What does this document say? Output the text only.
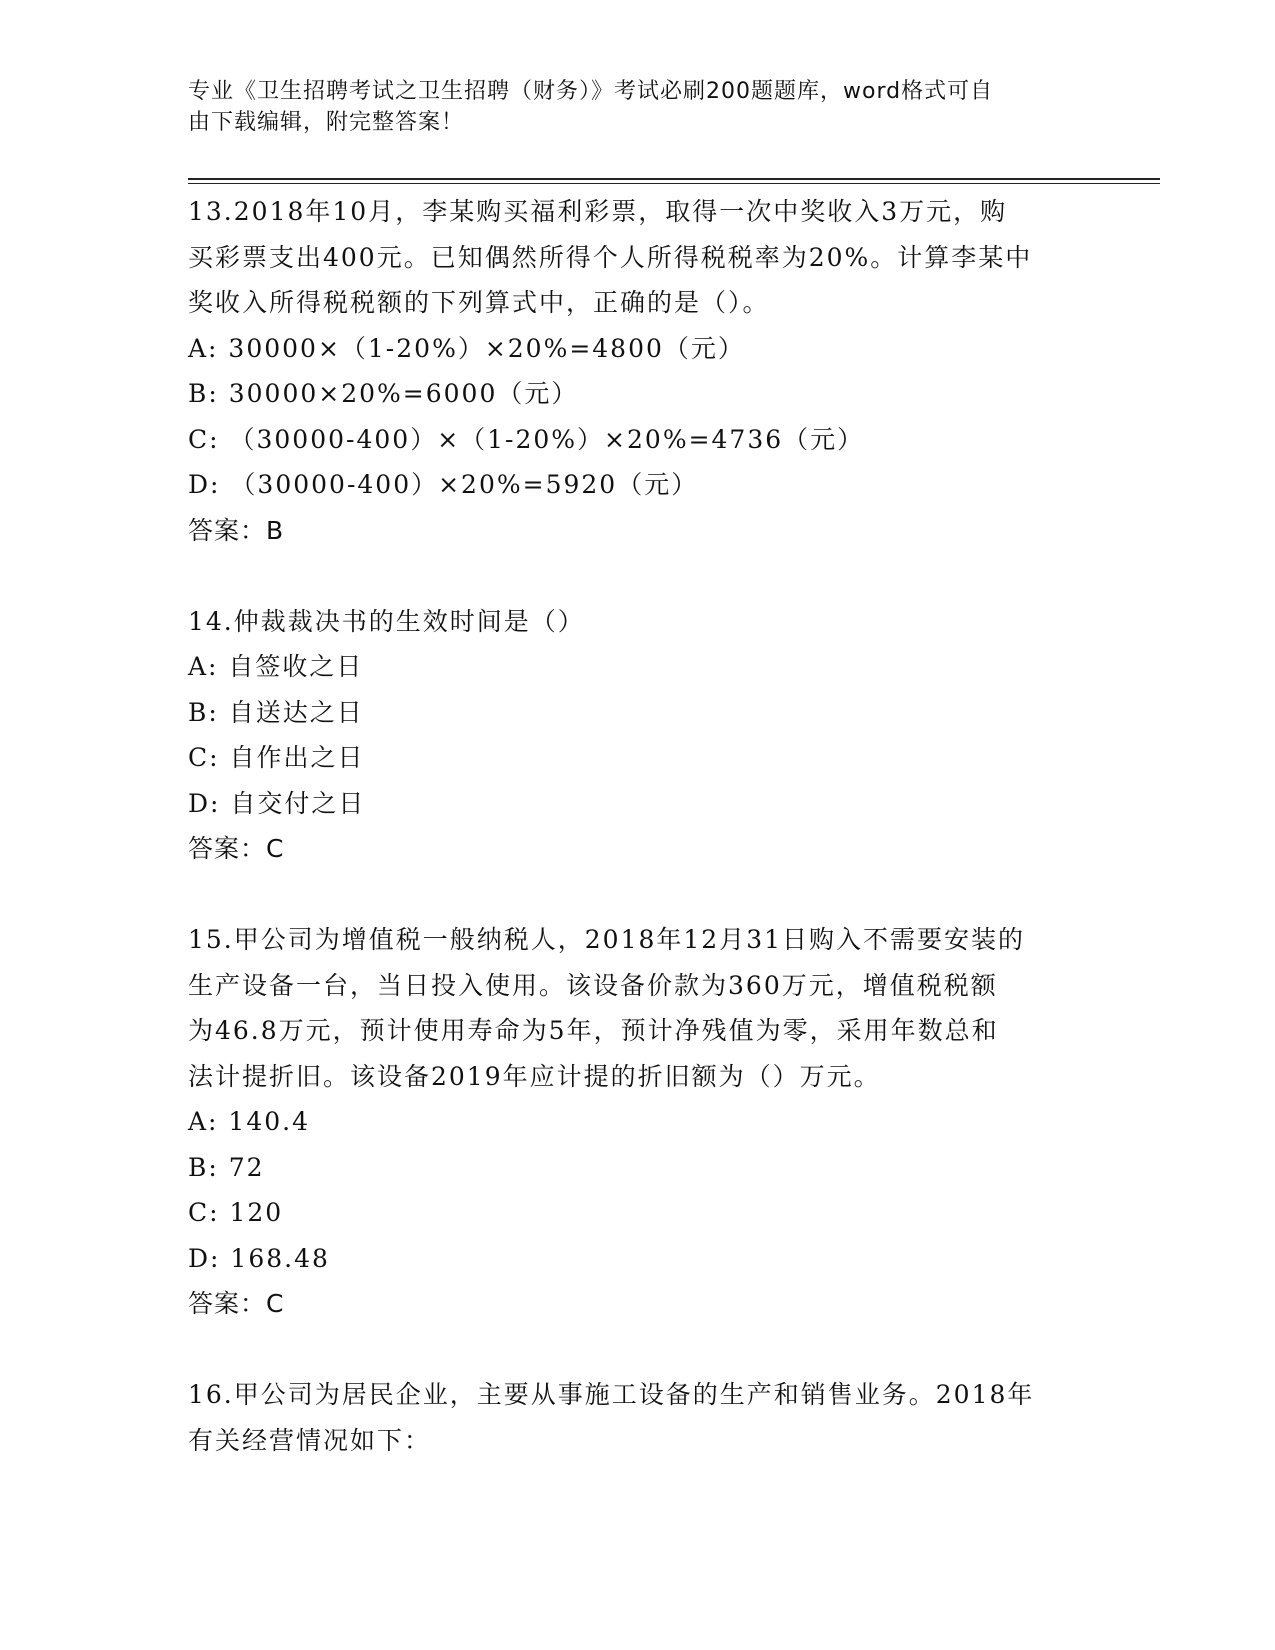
专业《卫生招聘考试之卫生招聘（财务）》考试必刷200题题库，word格式可自
由下载编辑，附完整答案！
13.2018年10月，李某购买福利彩票，取得一次中奖收入3万元，购
买彩票支出400元。已知偶然所得个人所得税税率为20%。计算李某中
奖收入所得税税额的下列算式中，正确的是（）。
A: 30000×（1-20%）×20%=4800（元）
B: 30000×20%=6000（元）
C: （30000-400）×（1-20%）×20%=4736（元）
D: （30000-400）×20%=5920（元）
答案：B
14.仲裁裁决书的生效时间是（）
A: 自签收之日
B: 自送达之日
C: 自作出之日
D: 自交付之日
答案：C
15.甲公司为增值税一般纳税人，2018年12月31日购入不需要安装的
生产设备一台，当日投入使用。该设备价款为360万元，增值税税额
为46.8万元，预计使用寿命为5年，预计净残值为零，采用年数总和
法计提折旧。该设备2019年应计提的折旧额为（）万元。
A: 140.4
B: 72
C: 120
D: 168.48
答案：C
16.甲公司为居民企业，主要从事施工设备的生产和销售业务。2018年
有关经营情况如下：
